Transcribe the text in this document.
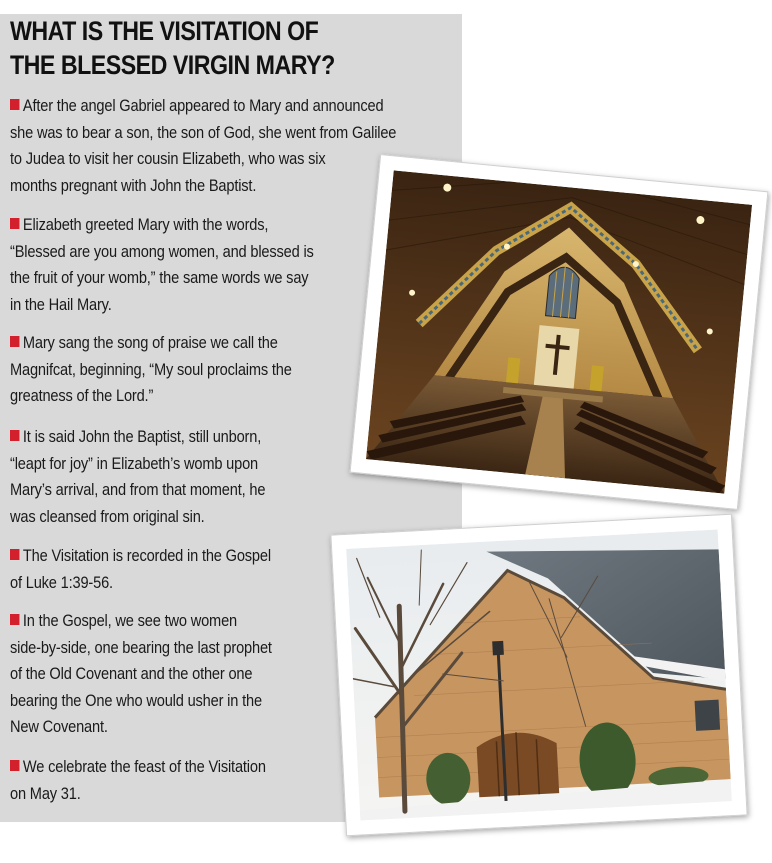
WHAT IS THE VISITATION OF
THE BLESSED VIRGIN MARY?
After the angel Gabriel appeared to Mary and announced
she was to bear a son, the son of God, she went from Galilee
to Judea to visit her cousin Elizabeth, who was six
months pregnant with John the Baptist.
Elizabeth greeted Mary with the words,
“Blessed are you among women, and blessed is
the fruit of your womb,” the same words we say
in the Hail Mary.
Mary sang the song of praise we call the
Magnifcat, beginning, “My soul proclaims the
greatness of the Lord.”
It is said John the Baptist, still unborn,
“leapt for joy” in Elizabeth’s womb upon
Mary’s arrival, and from that moment, he
was cleansed from original sin.
The Visitation is recorded in the Gospel
of Luke 1:39-56.
In the Gospel, we see two women
side-by-side, one bearing the last prophet
of the Old Covenant and the other one
bearing the One who would usher in the
New Covenant.
We celebrate the feast of the Visitation
on May 31.
